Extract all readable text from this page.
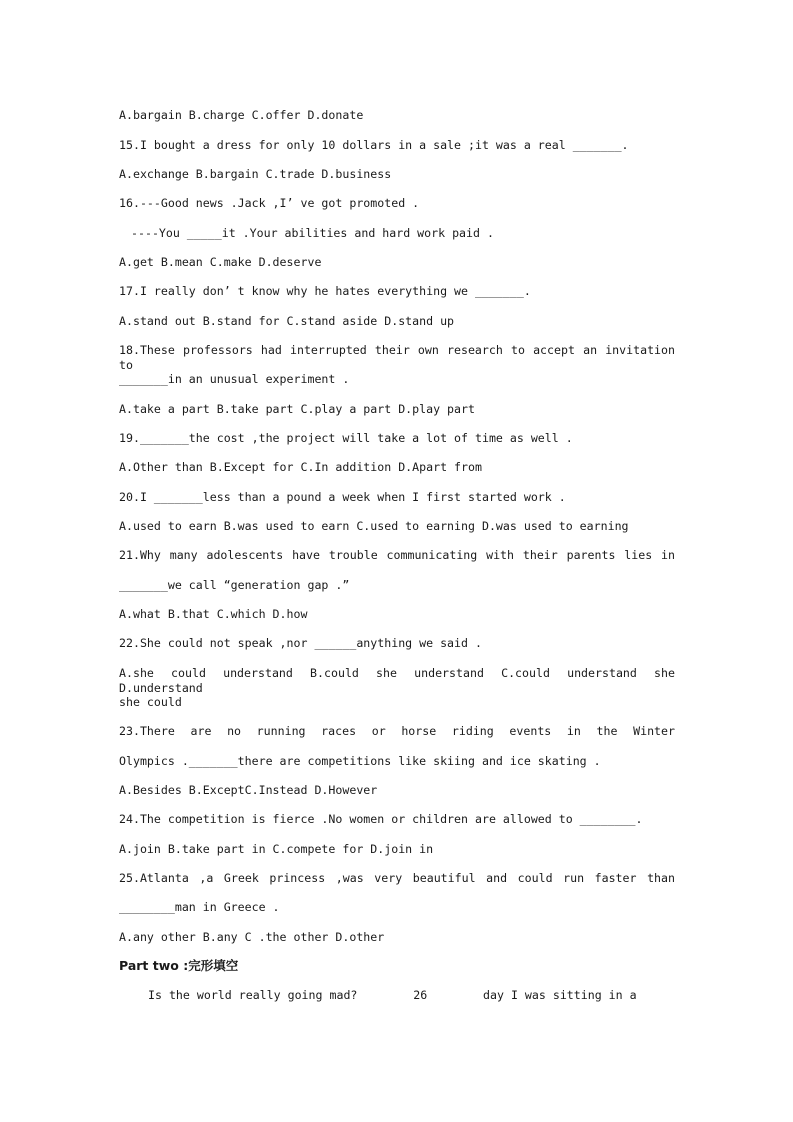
A.bargain B.charge C.offer D.donate
15.I bought a dress for only 10 dollars in a sale ;it was a real _______.
A.exchange B.bargain C.trade D.business
16.---Good news .Jack ,I’ ve got promoted .
----You _____it .Your abilities and hard work paid .
A.get B.mean C.make D.deserve
17.I really don’ t know why he hates everything we _______.
A.stand out B.stand for C.stand aside D.stand up
18.These professors had interrupted their own research to accept an invitation to
_______in an unusual experiment .
A.take a part B.take part C.play a part D.play part
19._______the cost ,the project will take a lot of time as well .
A.Other than B.Except for C.In addition D.Apart from
20.I _______less than a pound a week when I first started work .
A.used to earn B.was used to earn C.used to earning D.was used to earning
21.Why many adolescents have trouble communicating with their parents lies in
_______we call “generation gap .”
A.what B.that C.which D.how
22.She could not speak ,nor ______anything we said .
A.she could understand B.could she understand C.could understand she D.understand
she could
23.There are no running races or horse riding events in the Winter
Olympics ._______there are competitions like skiing and ice skating .
A.Besides B.ExceptC.Instead D.However
24.The competition is fierce .No women or children are allowed to ________.
A.join B.take part in C.compete for D.join in
25.Atlanta ,a Greek princess ,was very beautiful and could run faster than
________man in Greece .
A.any other B.any C .the other D.other
Part two :完形填空
Is the world really going mad?        26        day I was sitting in a
